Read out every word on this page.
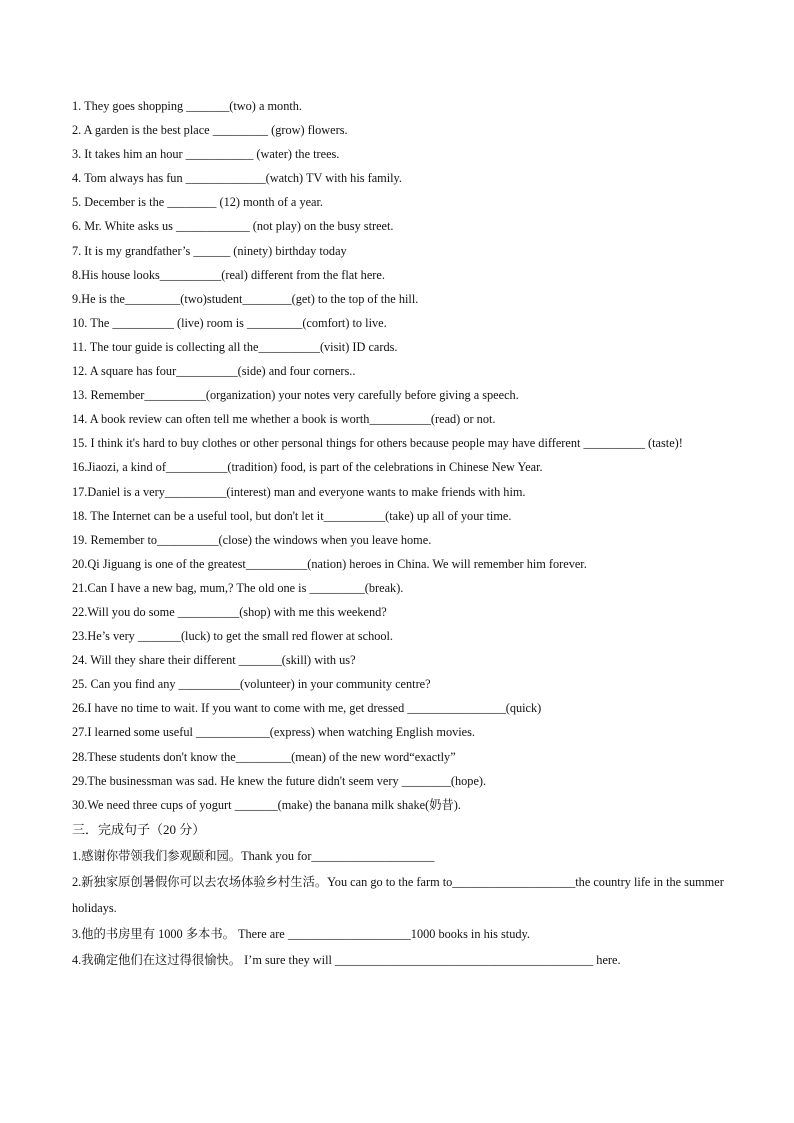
1. They goes shopping _______(two) a month.
2. A garden is the best place _________ (grow) flowers.
3. It takes him an hour ___________ (water) the trees.
4. Tom always has fun _____________(watch) TV with his family.
5. December is the ________ (12) month of a year.
6. Mr. White asks us ____________ (not play) on the busy street.
7. It is my grandfather’s ______ (ninety) birthday today
8.His house looks__________(real) different from the flat here.
9.He is the_________(two)student________(get) to the top of the hill.
10. The __________ (live) room is _________(comfort) to live.
11. The tour guide is collecting all the__________(visit) ID cards.
12. A square has four__________(side) and four corners..
13. Remember__________(organization) your notes very carefully before giving a speech.
14. A book review can often tell me whether a book is worth__________(read) or not.
15. I think it's hard to buy clothes or other personal things for others because people may have different __________ (taste)!
16.Jiaozi, a kind of__________(tradition) food, is part of the celebrations in Chinese New Year.
17.Daniel is a very__________(interest) man and everyone wants to make friends with him.
18. The Internet can be a useful tool, but don't let it__________(take) up all of your time.
19. Remember to__________(close) the windows when you leave home.
20.Qi Jiguang is one of the greatest__________(nation) heroes in China. We will remember him forever.
21.Can I have a new bag, mum,? The old one is _________(break).
22.Will you do some __________(shop) with me this weekend?
23.He’s very _______(luck) to get the small red flower at school.
24. Will they share their different _______(skill) with us?
25. Can you find any __________(volunteer) in your community centre?
26.I have no time to wait. If you want to come with me, get dressed ________________(quick)
27.I learned some useful ____________(express) when watching English movies.
28.These students don't know the_________(mean) of the new word“exactly”
29.The businessman was sad. He knew the future didn't seem very ________(hope).
30.We need three cups of yogurt _______(make) the banana milk shake(奶昔).
三．完成句子（20 分）
1.感谢你带领我们参观颐和园。Thank you for____________________
2.新独家原创暑假你可以去农场体验乡村生活。You can go to the farm to____________________the country life in the summer holidays.
3.他的书房里有 1000 多本书。 There are ____________________1000 books in his study.
4.我确定他们在这过得很愉快。 I’m sure they will __________________________________________ here.
